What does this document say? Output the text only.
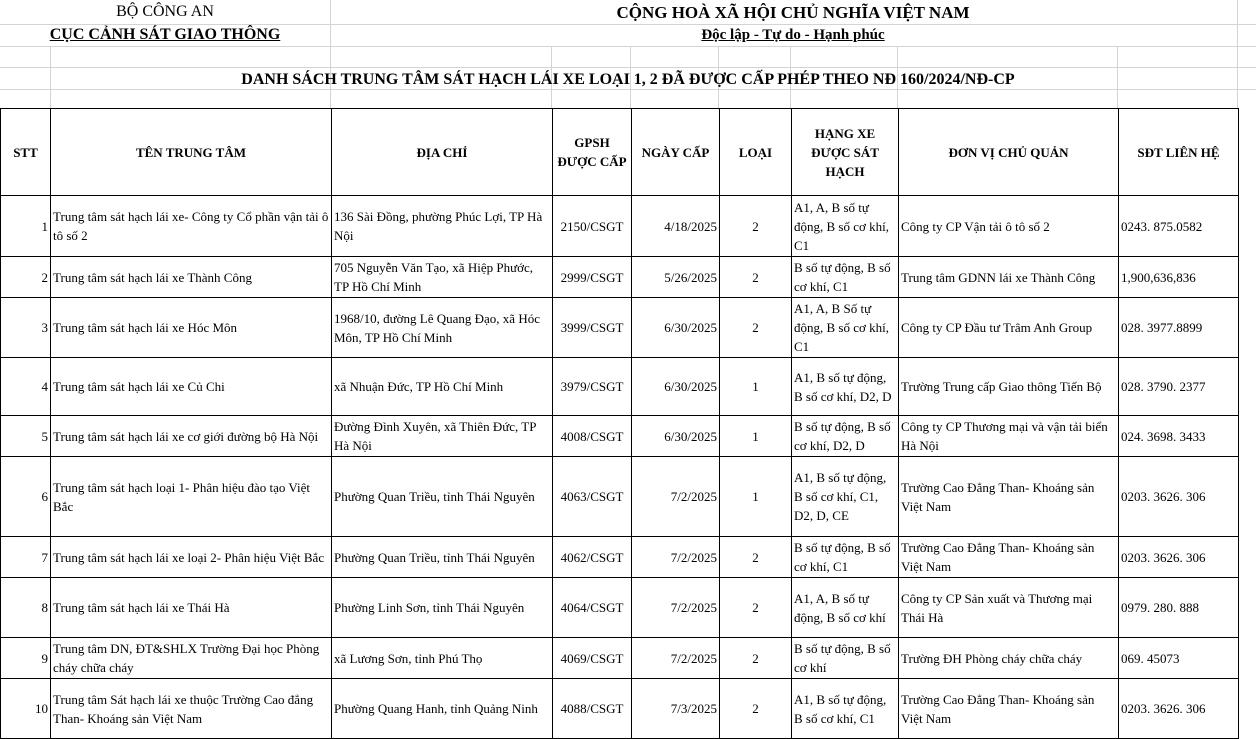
BỘ CÔNG AN
CỤC CẢNH SÁT GIAO THÔNG
CỘNG HOÀ XÃ HỘI CHỦ NGHĨA VIỆT NAM
Độc lập - Tự do - Hạnh phúc
DANH SÁCH TRUNG TÂM SÁT HẠCH LÁI XE LOẠI 1, 2 ĐÃ ĐƯỢC CẤP PHÉP THEO NĐ 160/2024/NĐ-CP
STT	TÊN TRUNG TÂM	ĐỊA CHỈ	GPSH ĐƯỢC CẤP	NGÀY CẤP	LOẠI	HẠNG XE ĐƯỢC SÁT HẠCH	ĐƠN VỊ CHỦ QUẢN	SĐT LIÊN HỆ
1	Trung tâm sát hạch lái xe- Công ty Cổ phần vận tải ô tô số 2	136 Sài Đồng, phường Phúc Lợi, TP Hà Nội	2150/CSGT	4/18/2025	2	A1, A, B số tự động, B số cơ khí, C1	Công ty CP Vận tải ô tô số 2	0243. 875.0582
2	Trung tâm sát hạch lái xe Thành Công	705 Nguyễn Văn Tạo, xã Hiệp Phước, TP Hồ Chí Minh	2999/CSGT	5/26/2025	2	B số tự động, B số cơ khí, C1	Trung tâm GDNN lái xe Thành Công	1,900,636,836
3	Trung tâm sát hạch lái xe Hóc Môn	1968/10, đường Lê Quang Đạo, xã Hóc Môn, TP Hồ Chí Minh	3999/CSGT	6/30/2025	2	A1, A, B Số tự động, B số cơ khí, C1	Công ty CP Đầu tư Trâm Anh Group	028. 3977.8899
4	Trung tâm sát hạch lái xe Củ Chi	xã Nhuận Đức, TP Hồ Chí Minh	3979/CSGT	6/30/2025	1	A1, B số tự động, B số cơ khí, D2, D	Trường Trung cấp Giao thông Tiến Bộ	028. 3790. 2377
5	Trung tâm sát hạch lái xe cơ giới đường bộ Hà Nội	Đường Đình Xuyên, xã Thiên Đức, TP Hà Nội	4008/CSGT	6/30/2025	1	B số tự động, B số cơ khí, D2, D	Công ty CP Thương mại và vận tải biển Hà Nội	024. 3698. 3433
6	Trung tâm sát hạch loại 1- Phân hiệu đào tạo Việt Bắc	Phường Quan Triều, tỉnh Thái Nguyên	4063/CSGT	7/2/2025	1	A1, B số tự động, B số cơ khí, C1, D2, D, CE	Trường Cao Đẳng Than- Khoáng sản Việt Nam	0203. 3626. 306
7	Trung tâm sát hạch lái xe loại 2- Phân hiệu Việt Bắc	Phường Quan Triều, tỉnh Thái Nguyên	4062/CSGT	7/2/2025	2	B số tự động, B số cơ khí, C1	Trường Cao Đẳng Than- Khoáng sản Việt Nam	0203. 3626. 306
8	Trung tâm sát hạch lái xe Thái Hà	Phường Linh Sơn, tỉnh Thái Nguyên	4064/CSGT	7/2/2025	2	A1, A, B số tự động, B số cơ khí	Công ty CP Sản xuất và Thương mại Thái Hà	0979. 280. 888
9	Trung tâm DN, ĐT&SHLX Trường Đại học Phòng cháy chữa cháy	xã Lương Sơn, tỉnh Phú Thọ	4069/CSGT	7/2/2025	2	B số tự động, B số cơ khí	Trường ĐH Phòng cháy chữa cháy	069. 45073
10	Trung tâm Sát hạch lái xe thuộc Trường Cao đẳng Than- Khoáng sản Việt Nam	Phường Quang Hanh, tỉnh Quảng Ninh	4088/CSGT	7/3/2025	2	A1, B số tự động, B số cơ khí, C1	Trường Cao Đẳng Than- Khoáng sản Việt Nam	0203. 3626. 306
